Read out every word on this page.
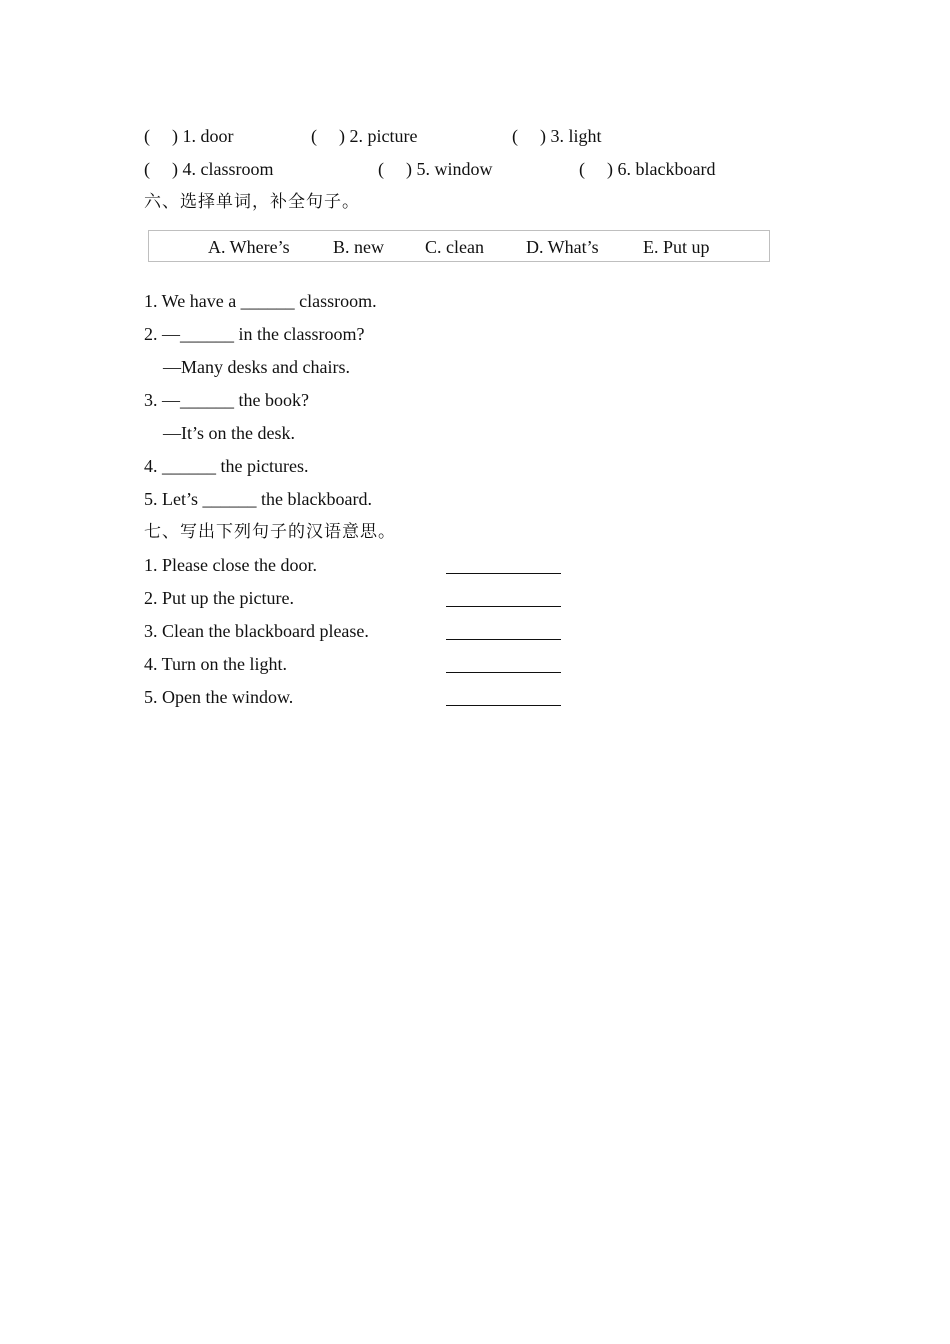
( ) 1. door	( ) 2. picture	( ) 3. light
( ) 4. classroom	( ) 5. window	( ) 6. blackboard
六、选择单词，补全句子。
A. Where’s B. new C. clean D. What’s E. Put up
1. We have a ______ classroom.
2. —______ in the classroom?
—Many desks and chairs.
3. —______ the book?
—It’s on the desk.
4. ______ the pictures.
5. Let’s ______ the blackboard.
七、写出下列句子的汉语意思。
1. Please close the door.
2. Put up the picture.
3. Clean the blackboard please.
4. Turn on the light.
5. Open the window.
